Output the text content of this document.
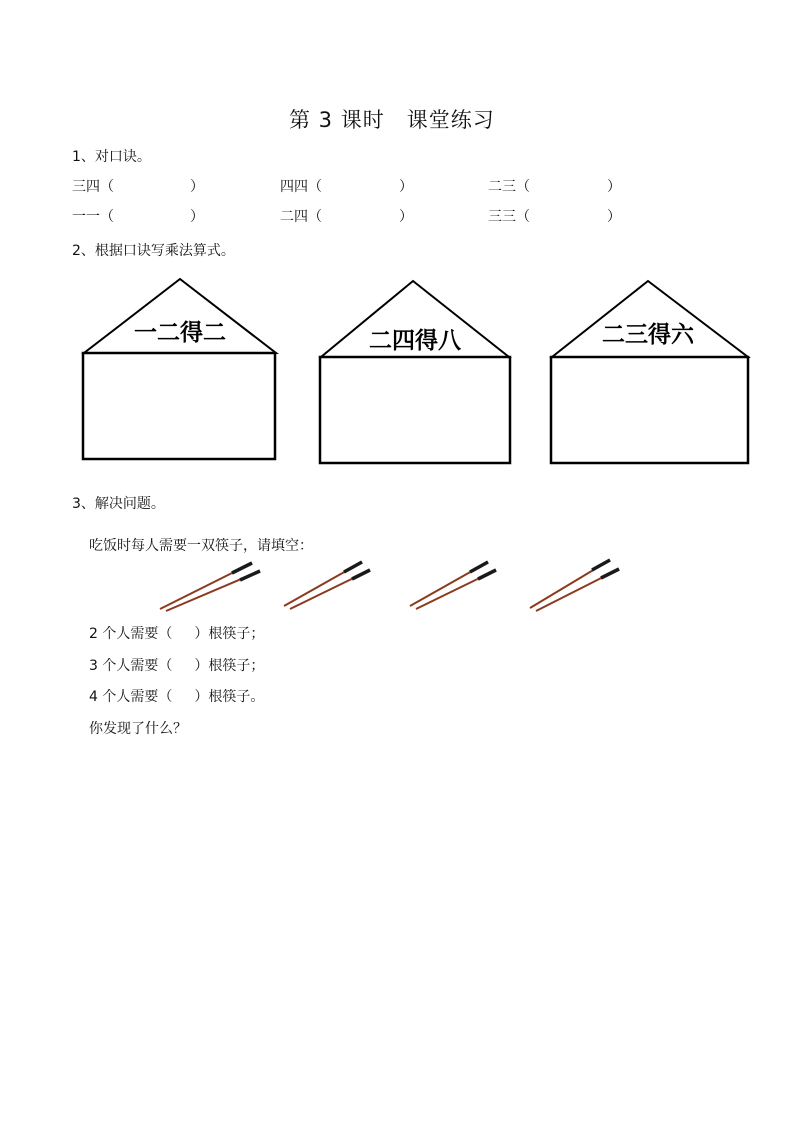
第 3 课时　课堂练习
1、对口诀。
三四（	）	四四（	）	二三（	）
一一（	）	二四（	）	三三（	）
2、根据口诀写乘法算式。
一二得二	二四得八	二三得六
3、解决问题。
吃饭时每人需要一双筷子，请填空：
2 个人需要（ ）根筷子；
3 个人需要（ ）根筷子；
4 个人需要（ ）根筷子。
你发现了什么？
